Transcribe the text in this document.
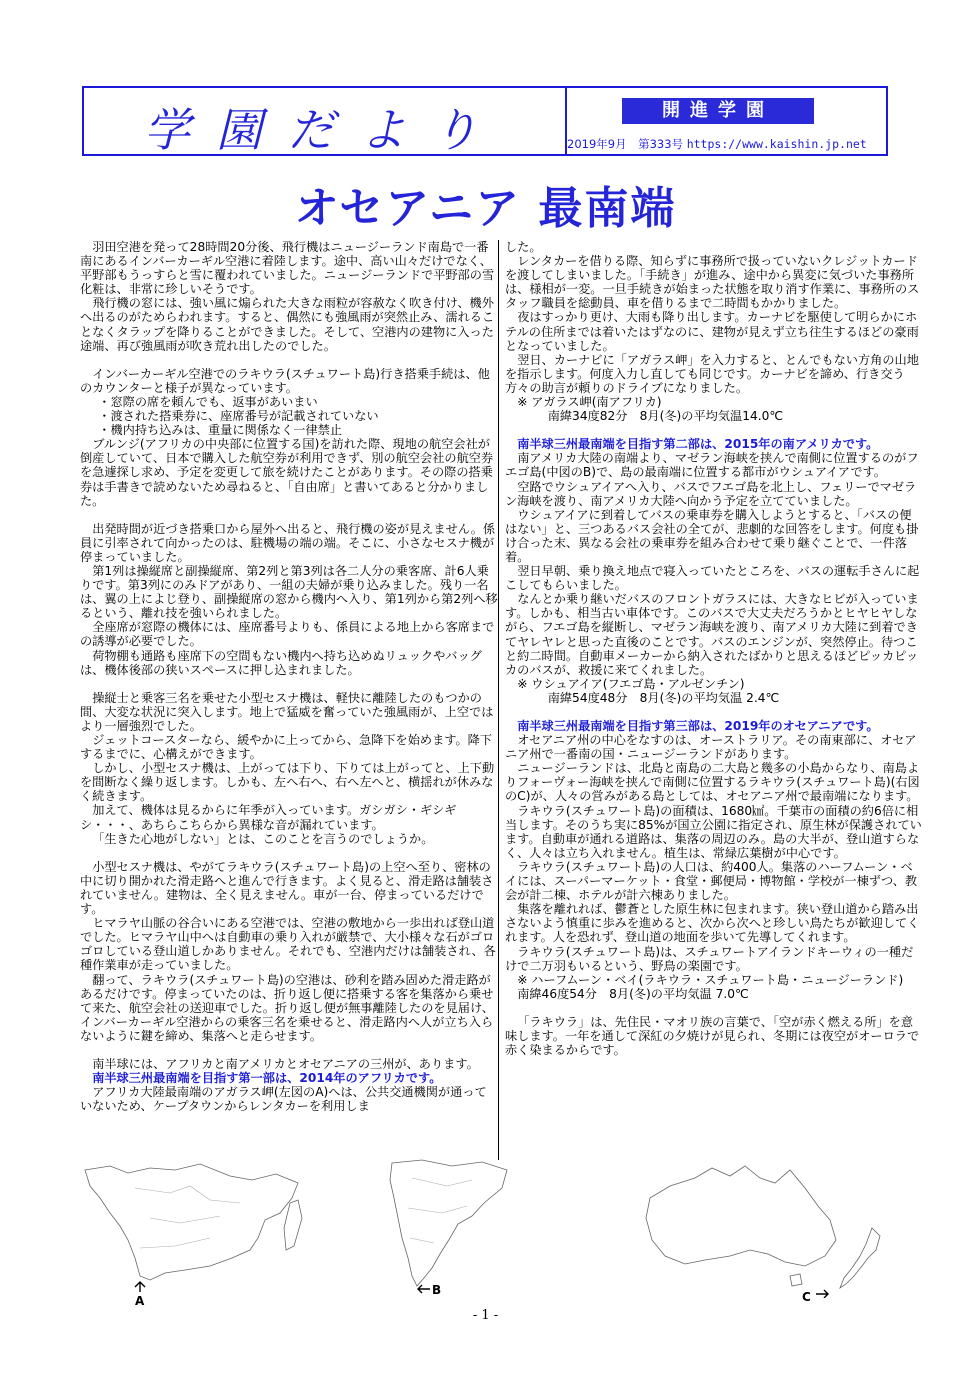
学園だより	開進学園
2019年9月　第333号 https://www.kaishin.jp.net
オセアニア 最南端

羽田空港を発って28時間20分後、飛行機はニュージーランド南島で一番南にあるインバーカーギル空港に着陸します。途中、高い山々だけでなく、平野部もうっすらと雪に覆われていました。ニュージーランドで平野部の雪化粧は、非常に珍しいそうです。

飛行機の窓には、強い風に煽られた大きな雨粒が容赦なく吹き付け、機外へ出るのがためらわれます。すると、偶然にも強風雨が突然止み、濡れることなくタラップを降りることができました。そして、空港内の建物に入った途端、再び強風雨が吹き荒れ出したのでした。

インバーカーギル空港でのラキウラ(スチュワート島)行き搭乗手続は、他のカウンターと様子が異なっています。

・窓際の席を頼んでも、返事があいまい

・渡された搭乗券に、座席番号が記載されていない

・機内持ち込みは、重量に関係なく一律禁止

ブルンジ(アフリカの中央部に位置する国)を訪れた際、現地の航空会社が倒産していて、日本で購入した航空券が利用できず、別の航空会社の航空券を急遽探し求め、予定を変更して旅を続けたことがあります。その際の搭乗券は手書きで読めないため尋ねると、「自由席」と書いてあると分かりました。

出発時間が近づき搭乗口から屋外へ出ると、飛行機の姿が見えません。係員に引率されて向かったのは、駐機場の端の端。そこに、小さなセスナ機が停まっていました。

第1列は操縦席と副操縦席、第2列と第3列は各二人分の乗客席、計6人乗りです。第3列にのみドアがあり、一組の夫婦が乗り込みました。残り一名は、翼の上によじ登り、副操縦席の窓から機内へ入り、第1列から第2列へ移るという、離れ技を強いられました。

全座席が窓際の機体には、座席番号よりも、係員による地上から客席までの誘導が必要でした。

荷物棚も通路も座席下の空間もない機内へ持ち込めぬリュックやバッグは、機体後部の狭いスペースに押し込まれました。

操縦士と乗客三名を乗せた小型セスナ機は、軽快に離陸したのもつかの間、大変な状況に突入します。地上で猛威を奮っていた強風雨が、上空ではより一層強烈でした。

ジェットコースターなら、緩やかに上ってから、急降下を始めます。降下するまでに、心構えができます。

しかし、小型セスナ機は、上がっては下り、下りては上がってと、上下動を間断なく繰り返します。しかも、左へ右へ、右へ左へと、横揺れが休みなく続きます。

加えて、機体は見るからに年季が入っています。ガシガシ・ギシギシ・・・、あちらこちらから異様な音が漏れています。

「生きた心地がしない」とは、このことを言うのでしょうか。

小型セスナ機は、やがてラキウラ(スチュワート島)の上空へ至り、密林の中に切り開かれた滑走路へと進んで行きます。よく見ると、滑走路は舗装されていません。建物は、全く見えません。車が一台、停まっているだけです。

ヒマラヤ山脈の谷合いにある空港では、空港の敷地から一歩出れば登山道でした。ヒマラヤ山中へは自動車の乗り入れが厳禁で、大小様々な石がゴロゴロしている登山道しかありません。それでも、空港内だけは舗装され、各種作業車が走っていました。

翻って、ラキウラ(スチュワート島)の空港は、砂利を踏み固めた滑走路があるだけです。停まっていたのは、折り返し便に搭乗する客を集落から乗せて来た、航空会社の送迎車でした。折り返し便が無事離陸したのを見届け、インバーカーギル空港からの乗客三名を乗せると、滑走路内へ人が立ち入らないように鍵を締め、集落へと走らせます。

南半球には、アフリカと南アメリカとオセアニアの三州が、あります。

南半球三州最南端を目指す第一部は、2014年のアフリカです。

アフリカ大陸最南端のアガラス岬(左図のA)へは、公共交通機関が通っていないため、ケープタウンからレンタカーを利用しま

した。

レンタカーを借りる際、知らずに事務所で扱っていないクレジットカードを渡してしまいました。「手続き」が進み、途中から異変に気づいた事務所は、様相が一変。一旦手続きが始まった状態を取り消す作業に、事務所のスタッフ職員を総動員、車を借りるまで二時間もかかりました。

夜はすっかり更け、大雨も降り出します。カーナビを駆使して明らかにホテルの住所までは着いたはずなのに、建物が見えず立ち往生するほどの豪雨となっていました。

翌日、カーナビに「アガラス岬」を入力すると、とんでもない方角の山地を指示します。何度入力し直しても同じです。カーナビを諦め、行き交う方々の助言が頼りのドライブになりました。

※ アガラス岬(南アフリカ)

南緯34度82分　8月(冬)の平均気温14.0℃

南半球三州最南端を目指す第二部は、2015年の南アメリカです。

南アメリカ大陸の南端より、マゼラン海峡を挟んで南側に位置するのがフエゴ島(中図のB)で、島の最南端に位置する都市がウシュアイアです。

空路でウシュアイアへ入り、バスでフエゴ島を北上し、フェリーでマゼラン海峡を渡り、南アメリカ大陸へ向かう予定を立てていました。

ウシュアイアに到着してバスの乗車券を購入しようとすると、「バスの便はない」と、三つあるバス会社の全てが、悲劇的な回答をします。何度も掛け合った末、異なる会社の乗車券を組み合わせて乗り継ぐことで、一件落着。

翌日早朝、乗り換え地点で寝入っていたところを、バスの運転手さんに起こしてもらいました。

なんとか乗り継いだバスのフロントガラスには、大きなヒビが入っています。しかも、相当古い車体です。このバスで大丈夫だろうかとヒヤヒヤしながら、フエゴ島を縦断し、マゼラン海峡を渡り、南アメリカ大陸に到着できてヤレヤレと思った直後のことです。バスのエンジンが、突然停止。待つこと約二時間。自動車メーカーから納入されたばかりと思えるほどピッカピッカのバスが、救援に来てくれました。

※ ウシュアイア(フエゴ島・アルゼンチン)

南緯54度48分　8月(冬)の平均気温 2.4℃

南半球三州最南端を目指す第三部は、2019年のオセアニアです。

オセアニア州の中心をなすのは、オーストラリア。その南東部に、オセアニア州で一番南の国・ニュージーランドがあります。

ニュージーランドは、北島と南島の二大島と幾多の小島からなり、南島よりフォーヴォー海峡を挟んで南側に位置するラキウラ(スチュワート島)(右図のC)が、人々の営みがある島としては、オセアニア州で最南端になります。

ラキウラ(スチュワート島)の面積は、1680㎢。千葉市の面積の約6倍に相当します。そのうち実に85%が国立公園に指定され、原生林が保護されています。自動車が通れる道路は、集落の周辺のみ。島の大半が、登山道すらなく、人々は立ち入れません。植生は、常緑広葉樹が中心です。

ラキウラ(スチュワート島)の人口は、約400人。集落のハーフムーン・ベイには、スーパーマーケット・食堂・郵便局・博物館・学校が一棟ずつ、教会が計二棟、ホテルが計六棟ありました。

集落を離れれば、鬱蒼とした原生林に包まれます。狭い登山道から踏み出さないよう慎重に歩みを進めると、次から次へと珍しい鳥たちが歓迎してくれます。人を恐れず、登山道の地面を歩いて先導してくれます。

ラキウラ(スチュワート島)は、スチュワートアイランドキーウィの一種だけで二万羽もいるという、野鳥の楽園です。

※ ハーフムーン・ベイ(ラキウラ・スチュワート島・ニュージーランド)　南緯46度54分　8月(冬)の平均気温 7.0℃

「ラキウラ」は、先住民・マオリ族の言葉で、「空が赤く燃える所」を意味します。一年を通して深紅の夕焼けが見られ、冬期には夜空がオーロラで赤く染まるからです。

A
B	C
- 1 -
